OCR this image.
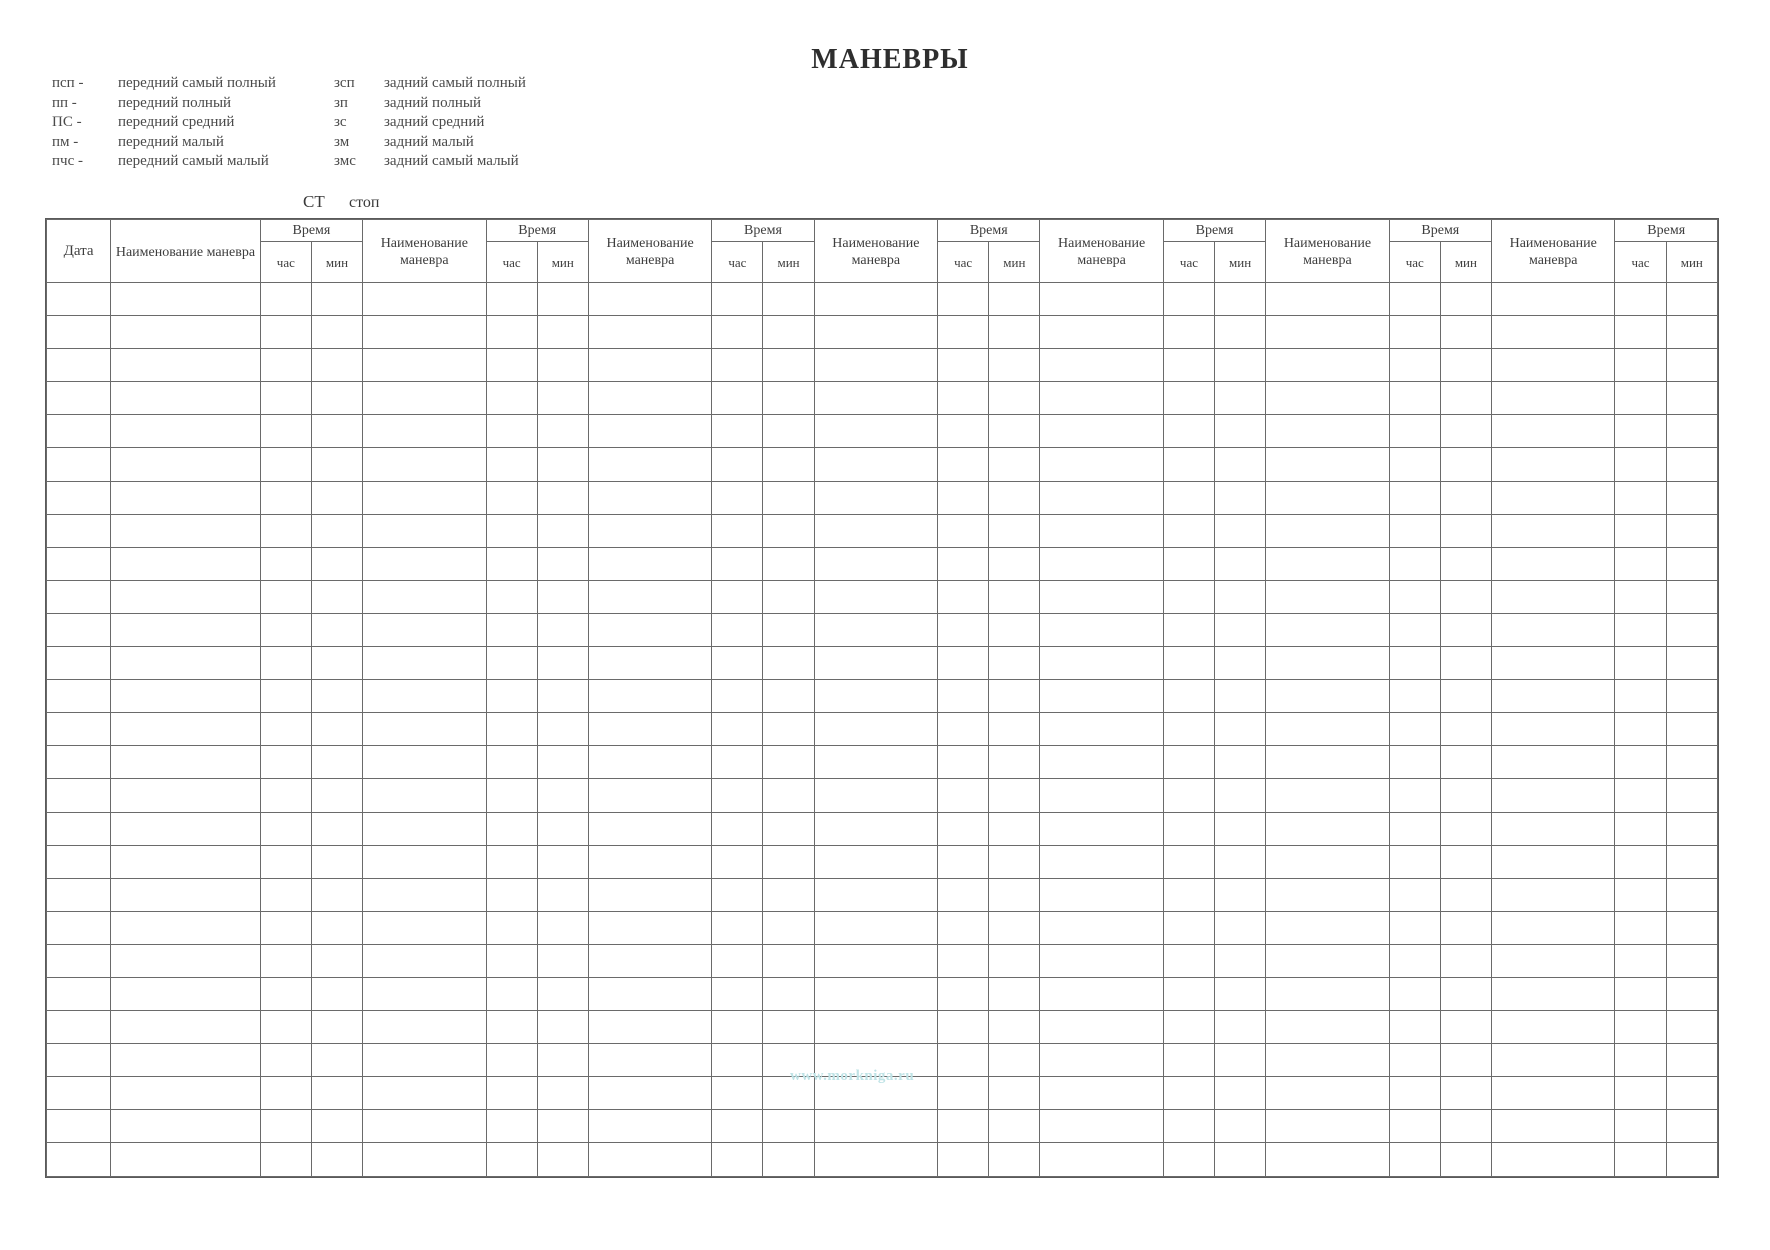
МАНЕВРЫ
псп -	передний самый полный	зсп	задний самый полный
пп -	передний полный	зп	задний полный
ПС -	передний средний	зс	задний средний
пм -	передний малый	зм	задний малый
пчс -	передний самый малый	змс	задний самый малый
СТ стоп
Дата	Наименование маневра	Время		Наименование маневра	Время		Наименование маневра	Время		Наименование маневра	Время		Наименование маневра	Время		Наименование маневра	Время		Наименование маневра	Время	
		час	мин		час	мин		час	мин		час	мин		час	мин		час	мин		час	мин

www.morkniga.ru
